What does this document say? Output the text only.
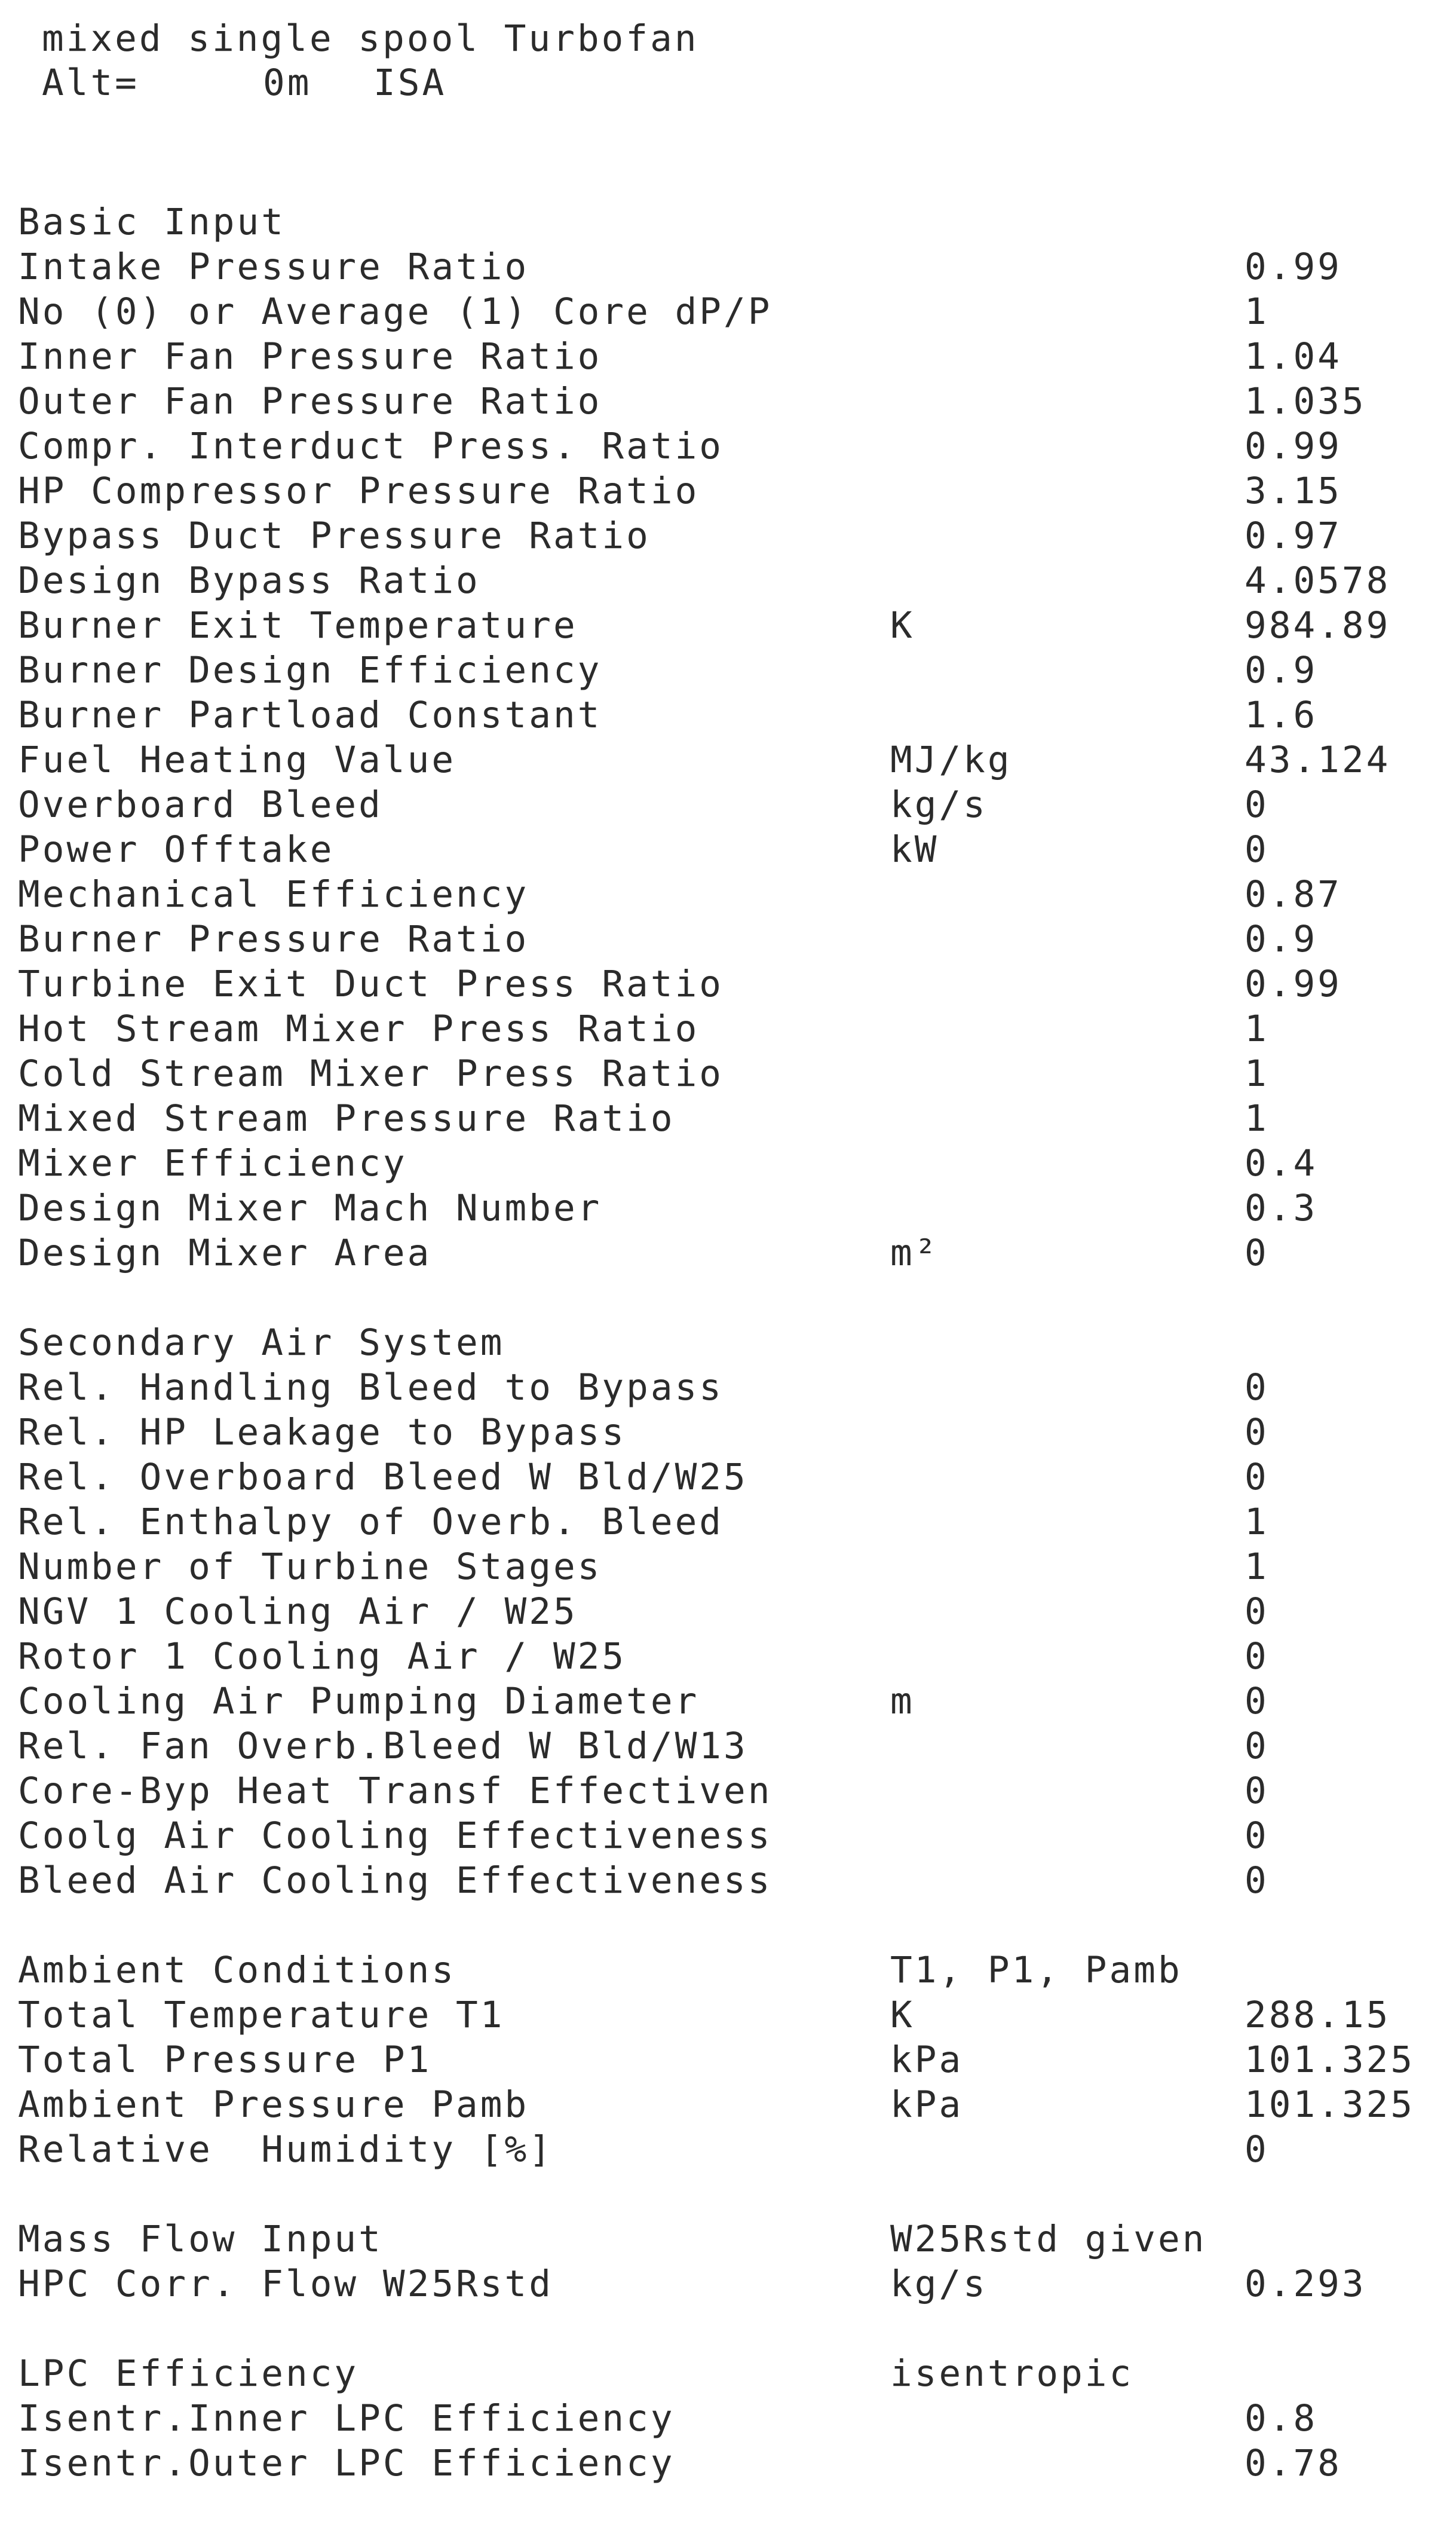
mixed single spool Turbofan

Alt=

	0m

ISA

Basic Input
Intake Pressure Ratio	0.99
No (0) or Average (1) Core dP/P	1
Inner Fan Pressure Ratio	1.04
Outer Fan Pressure Ratio	1.035
Compr. Interduct Press. Ratio	0.99
HP Compressor Pressure Ratio	3.15
Bypass Duct Pressure Ratio	0.97
Design Bypass Ratio	4.0578
Burner Exit Temperature	K	984.89
Burner Design Efficiency	0.9
Burner Partload Constant	1.6
Fuel Heating Value	MJ/kg	43.124
Overboard Bleed	kg/s	0
Power Offtake	kW	0
Mechanical Efficiency	0.87
Burner Pressure Ratio	0.9
Turbine Exit Duct Press Ratio	0.99
Hot Stream Mixer Press Ratio	1
Cold Stream Mixer Press Ratio	1
Mixed Stream Pressure Ratio	1
Mixer Efficiency	0.4
Design Mixer Mach Number	0.3
Design Mixer Area	m²	0
Secondary Air System
Rel. Handling Bleed to Bypass	0
Rel. HP Leakage to Bypass	0
Rel. Overboard Bleed W Bld/W25	0
Rel. Enthalpy of Overb. Bleed	1
Number of Turbine Stages	1
NGV 1 Cooling Air / W25	0
Rotor 1 Cooling Air / W25	0
Cooling Air Pumping Diameter	m	0
Rel. Fan Overb.Bleed W Bld/W13	0
Core-Byp Heat Transf Effectiven	0
Coolg Air Cooling Effectiveness	0
Bleed Air Cooling Effectiveness	0
Ambient Conditions	T1, P1, Pamb
Total Temperature T1	K	288.15
Total Pressure P1	kPa	101.325
Ambient Pressure Pamb	kPa	101.325
Relative  Humidity [%]	0
Mass Flow Input	W25Rstd given
HPC Corr. Flow W25Rstd	kg/s	0.293
LPC Efficiency	isentropic
Isentr.Inner LPC Efficiency	0.8
Isentr.Outer LPC Efficiency	0.78
